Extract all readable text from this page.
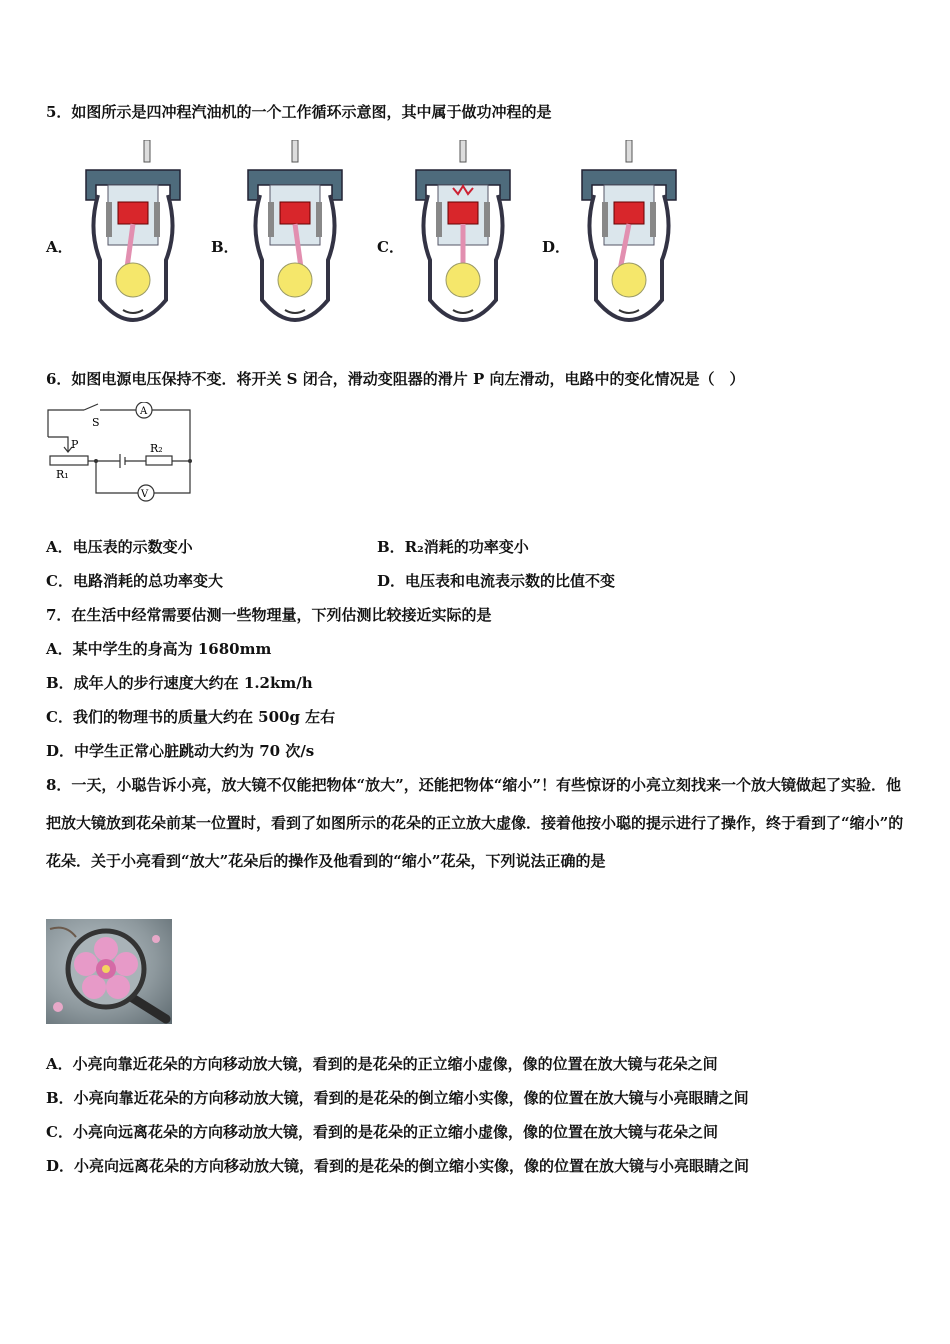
5．如图所示是四冲程汽油机的一个工作循环示意图，其中属于做功冲程的是
A．	B．	C．	D．
6．如图电源电压保持不变．将开关 S 闭合，滑动变阻器的滑片 P 向左滑动，电路中的变化情况是（　）
S
P
R₁
R₂
A
V
A．电压表的示数变小	B．R₂消耗的功率变小
C．电路消耗的总功率变大	D．电压表和电流表示数的比值不变
7．在生活中经常需要估测一些物理量，下列估测比较接近实际的是
A．某中学生的身高为 1680mm
B．成年人的步行速度大约在 1.2km/h
C．我们的物理书的质量大约在 500g 左右
D．中学生正常心脏跳动大约为 70 次/s
8．一天，小聪告诉小亮，放大镜不仅能把物体“放大”，还能把物体“缩小”！有些惊讶的小亮立刻找来一个放大镜做起了实验．他把放大镜放到花朵前某一位置时，看到了如图所示的花朵的正立放大虚像．接着他按小聪的提示进行了操作，终于看到了“缩小”的花朵．关于小亮看到“放大”花朵后的操作及他看到的“缩小”花朵，下列说法正确的是
A．小亮向靠近花朵的方向移动放大镜，看到的是花朵的正立缩小虚像，像的位置在放大镜与花朵之间
B．小亮向靠近花朵的方向移动放大镜，看到的是花朵的倒立缩小实像，像的位置在放大镜与小亮眼睛之间
C．小亮向远离花朵的方向移动放大镜，看到的是花朵的正立缩小虚像，像的位置在放大镜与花朵之间
D．小亮向远离花朵的方向移动放大镜，看到的是花朵的倒立缩小实像，像的位置在放大镜与小亮眼睛之间
